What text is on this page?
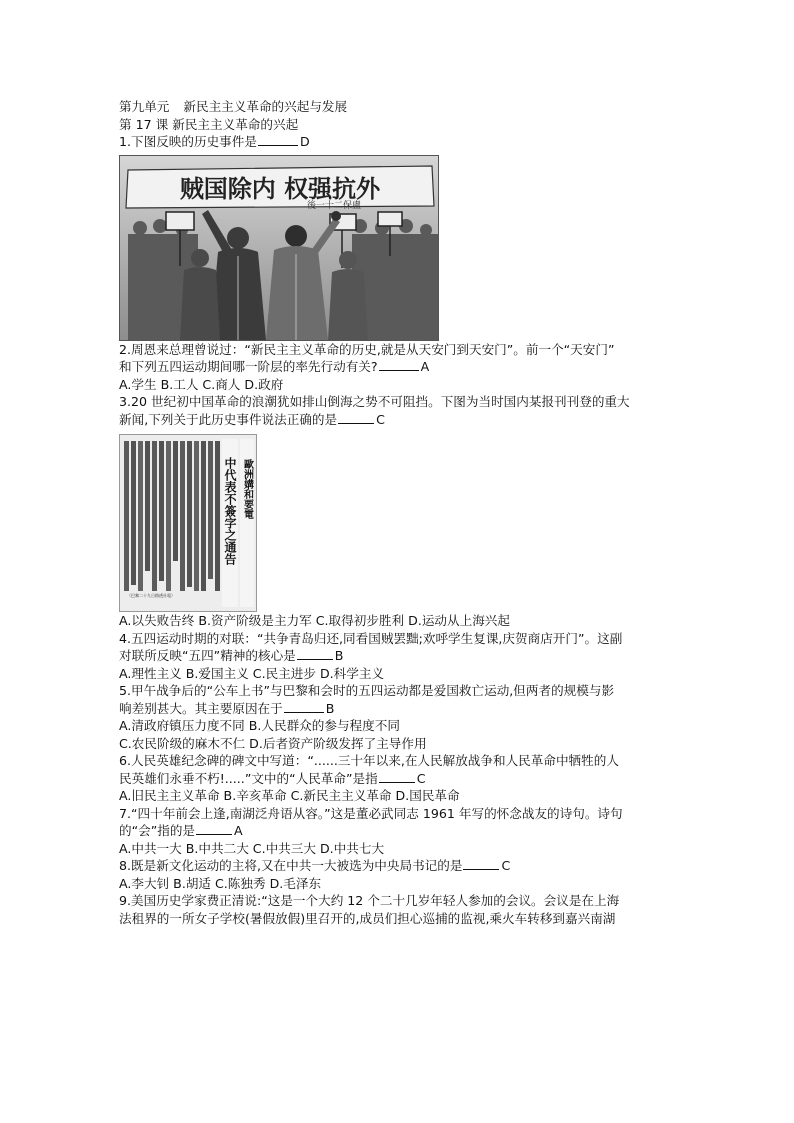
第九单元 新民主主义革命的兴起与发展
第 17 课 新民主主义革命的兴起
1.下图反映的历史事件是	D
贼国除内 权强抗外
後一十二保盧
2.周恩来总理曾说过：“新民主主义革命的历史,就是从天安门到天安门”。前一个“天安门”
和下列五四运动期间哪一阶层的率先行动有关?	A
A.学生 B.工人 C.商人 D.政府
3.20 世纪初中国革命的浪潮犹如排山倒海之势不可阻挡。下图为当时国内某报刊刊登的重大
新闻,下列关于此历史事件说法正确的是	C
中代表不簽字之通告 歐洲媾和要電
（巴黎二十九日路透社電）
A.以失败告终 B.资产阶级是主力军 C.取得初步胜利 D.运动从上海兴起
4.五四运动时期的对联：“共争青岛归还,同看国贼罢黜;欢呼学生复课,庆贺商店开门”。这副
对联所反映“五四”精神的核心是	B
A.理性主义 B.爱国主义 C.民主进步 D.科学主义
5.甲午战争后的“公车上书”与巴黎和会时的五四运动都是爱国救亡运动,但两者的规模与影
响差别甚大。其主要原因在于	B
A.清政府镇压力度不同 B.人民群众的参与程度不同
C.农民阶级的麻木不仁 D.后者资产阶级发挥了主导作用
6.人民英雄纪念碑的碑文中写道：“......三十年以来,在人民解放战争和人民革命中牺牲的人
民英雄们永垂不朽!.....”文中的“人民革命”是指	C
A.旧民主主义革命 B.辛亥革命 C.新民主主义革命 D.国民革命
7.“四十年前会上逢,南湖泛舟语从容。”这是董必武同志 1961 年写的怀念战友的诗句。诗句
的“会”指的是	A
A.中共一大 B.中共二大 C.中共三大 D.中共七大
8.既是新文化运动的主将,又在中共一大被选为中央局书记的是	C
A.李大钊 B.胡适 C.陈独秀 D.毛泽东
9.美国历史学家费正清说:“这是一个大约 12 个二十几岁年轻人参加的会议。会议是在上海
法租界的一所女子学校(暑假放假)里召开的,成员们担心巡捕的监视,乘火车转移到嘉兴南湖
